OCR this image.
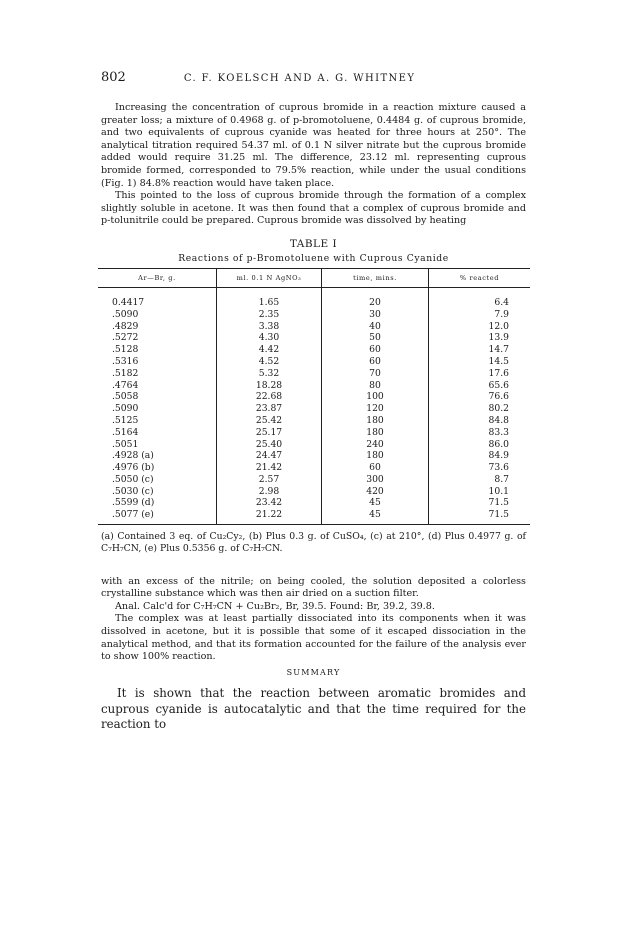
802	C. F. KOELSCH AND A. G. WHITNEY

Increasing the concentration of cuprous bromide in a reaction mixture caused a greater loss; a mixture of 0.4968 g. of p-bromotoluene, 0.4484 g. of cuprous bromide, and two equivalents of cuprous cyanide was heated for three hours at 250°. The analytical titration required 54.37 ml. of 0.1 N silver nitrate but the cuprous bromide added would require 31.25 ml. The difference, 23.12 ml. representing cuprous bromide formed, corresponded to 79.5% reaction, while under the usual conditions (Fig. 1) 84.8% reaction would have taken place.

This pointed to the loss of cuprous bromide through the formation of a complex slightly soluble in acetone. It was then found that a complex of cuprous bromide and p-tolunitrile could be prepared. Cuprous bromide was dissolved by heating

TABLE I
Reactions of p-Bromotoluene with Cuprous Cyanide
Ar—Br, g.	ml. 0.1 N AgNO₃	time, mins.	% reacted
0.4417	1.65	20	6.4
.5090	2.35	30	7.9
.4829	3.38	40	12.0
.5272	4.30	50	13.9
.5128	4.42	60	14.7
.5316	4.52	60	14.5
.5182	5.32	70	17.6
.4764	18.28	80	65.6
.5058	22.68	100	76.6
.5090	23.87	120	80.2
.5125	25.42	180	84.8
.5164	25.17	180	83.3
.5051	25.40	240	86.0
.4928 (a)	24.47	180	84.9
.4976 (b)	21.42	60	73.6
.5050 (c)	2.57	300	8.7
.5030 (c)	2.98	420	10.1
.5599 (d)	23.42	45	71.5
.5077 (e)	21.22	45	71.5
(a) Contained 3 eq. of Cu₂Cy₂, (b) Plus 0.3 g. of CuSO₄, (c) at 210°, (d) Plus 0.4977 g. of C₇H₇CN, (e) Plus 0.5356 g. of C₇H₇CN.

with an excess of the nitrile; on being cooled, the solution deposited a colorless crystalline substance which was then air dried on a suction filter.

Anal. Calc'd for C₇H₇CN + Cu₂Br₂, Br, 39.5. Found: Br, 39.2, 39.8.

The complex was at least partially dissociated into its components when it was dissolved in acetone, but it is possible that some of it escaped dissociation in the analytical method, and that its formation accounted for the failure of the analysis ever to show 100% reaction.

SUMMARY
It is shown that the reaction between aromatic bromides and cuprous cyanide is autocatalytic and that the time required for the reaction to
